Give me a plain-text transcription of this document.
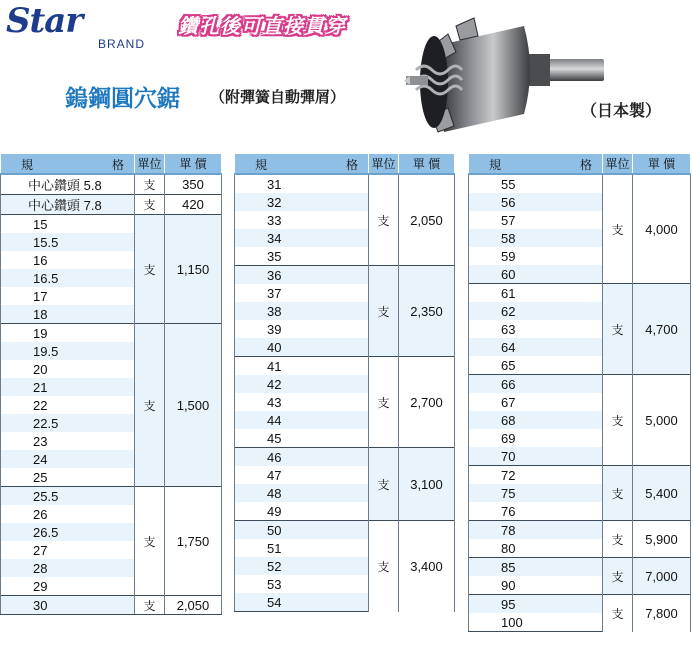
Star
BRAND
鑽孔後可直接貫穿
鎢鋼圓穴鋸 （附彈簧自動彈屑）
（日本製）
規 格	單位	單 價
中心鑽頭 5.8	支	350
中心鑽頭 7.8	支	420
15	支	1,150
15.5		
16		
16.5		
17		
18		
19	支	1,500
19.5		
20		
21		
22		
22.5		
23		
24		
25		
25.5	支	1,750
26		
26.5		
27		
28		
29		
30	支	2,050
規 格	單位	單 價
31	支	2,050
32		
33		
34		
35		
36	支	2,350
37		
38		
39		
40		
41	支	2,700
42		
43		
44		
45		
46	支	3,100
47		
48		
49		
50	支	3,400
51		
52		
53		
54		
規 格	單位	單 價
55	支	4,000
56		
57		
58		
59		
60		
61	支	4,700
62		
63		
64		
65		
66	支	5,000
67		
68		
69		
70		
72	支	5,400
75		
76		
78	支	5,900
80		
85	支	7,000
90		
95	支	7,800
100		
